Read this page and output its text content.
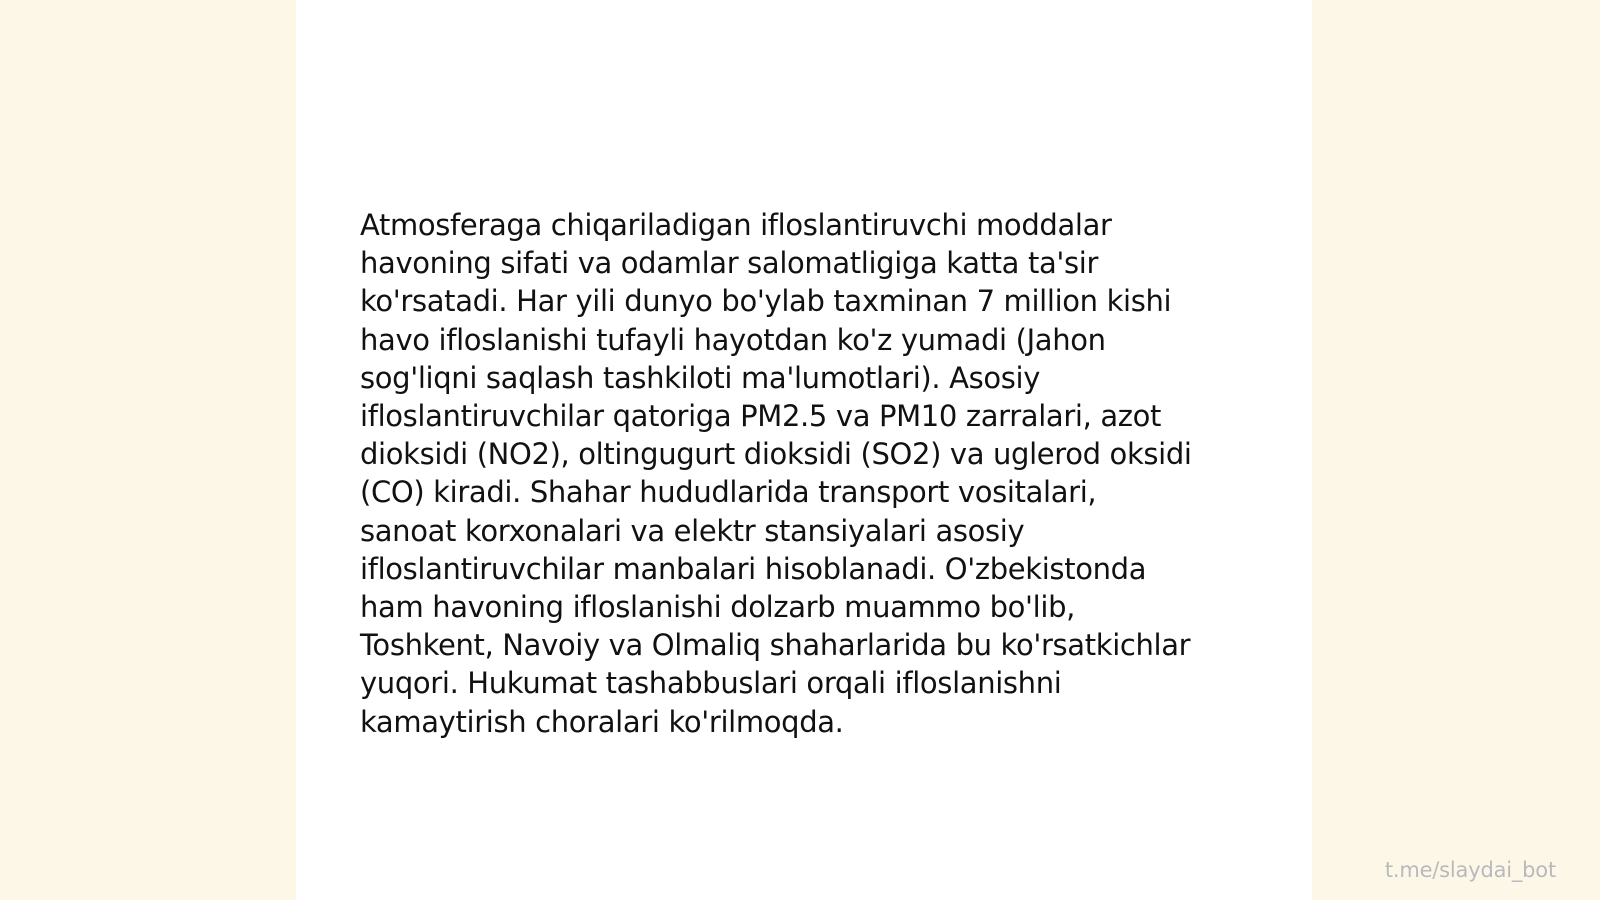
Atmosferaga chiqariladigan ifloslantiruvchi moddalar
havoning sifati va odamlar salomatligiga katta ta'sir
ko'rsatadi. Har yili dunyo bo'ylab taxminan 7 million kishi
havo ifloslanishi tufayli hayotdan ko'z yumadi (Jahon
sog'liqni saqlash tashkiloti ma'lumotlari). Asosiy
ifloslantiruvchilar qatoriga PM2.5 va PM10 zarralari, azot
dioksidi (NO2), oltingugurt dioksidi (SO2) va uglerod oksidi
(CO) kiradi. Shahar hududlarida transport vositalari,
sanoat korxonalari va elektr stansiyalari asosiy
ifloslantiruvchilar manbalari hisoblanadi. O'zbekistonda
ham havoning ifloslanishi dolzarb muammo bo'lib,
Toshkent, Navoiy va Olmaliq shaharlarida bu ko'rsatkichlar
yuqori. Hukumat tashabbuslari orqali ifloslanishni
kamaytirish choralari ko'rilmoqda.

t.me/slaydai_bot
